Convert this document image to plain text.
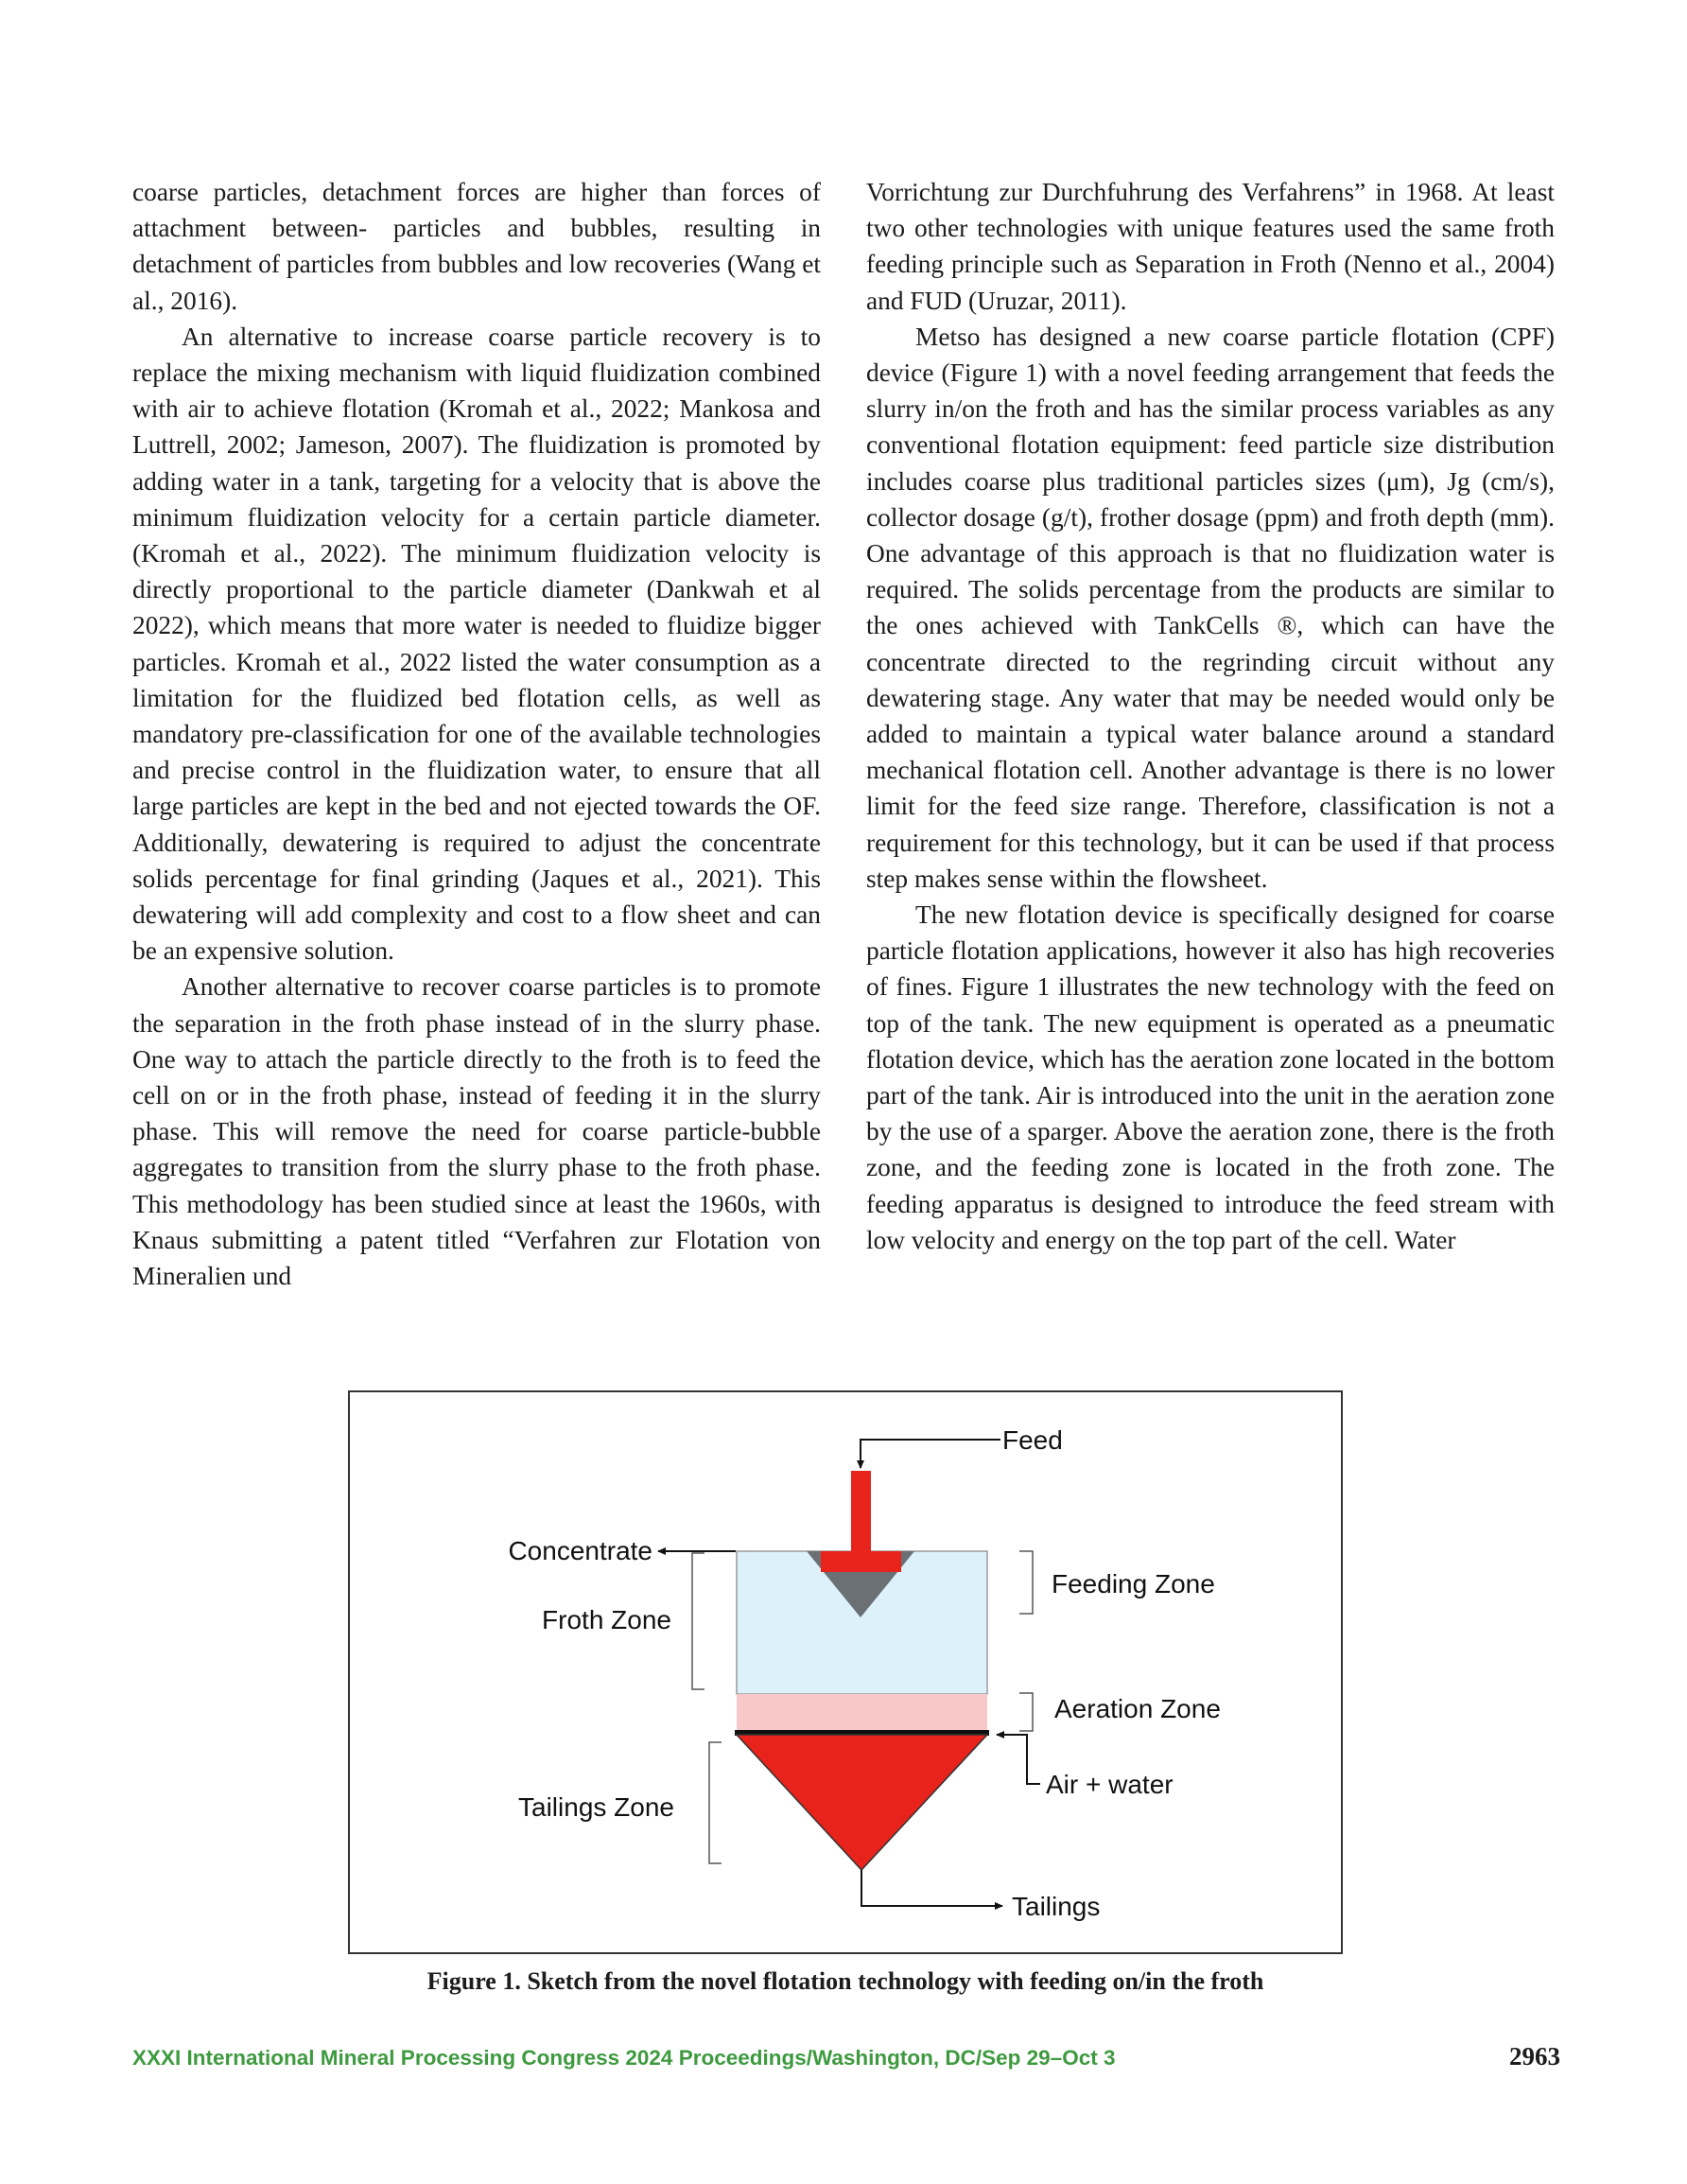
coarse particles, detachment forces are higher than forces of attachment between- particles and bubbles, resulting in detachment of particles from bubbles and low recoveries (Wang et al., 2016).

An alternative to increase coarse particle recovery is to replace the mixing mechanism with liquid fluidization combined with air to achieve flotation (Kromah et al., 2022; Mankosa and Luttrell, 2002; Jameson, 2007). The fluidization is promoted by adding water in a tank, targeting for a velocity that is above the minimum fluidization velocity for a certain particle diameter. (Kromah et al., 2022). The minimum fluidization velocity is directly proportional to the particle diameter (Dankwah et al 2022), which means that more water is needed to fluidize bigger particles. Kromah et al., 2022 listed the water consumption as a limitation for the fluidized bed flotation cells, as well as mandatory pre-classification for one of the available technologies and precise control in the fluidization water, to ensure that all large particles are kept in the bed and not ejected towards the OF. Additionally, dewatering is required to adjust the concentrate solids percentage for final grinding (Jaques et al., 2021). This dewatering will add complexity and cost to a flow sheet and can be an expensive solution.

Another alternative to recover coarse particles is to promote the separation in the froth phase instead of in the slurry phase. One way to attach the particle directly to the froth is to feed the cell on or in the froth phase, instead of feeding it in the slurry phase. This will remove the need for coarse particle-bubble aggregates to transition from the slurry phase to the froth phase. This methodology has been studied since at least the 1960s, with Knaus submitting a patent titled “Verfahren zur Flotation von Mineralien und

Vorrichtung zur Durchfuhrung des Verfahrens” in 1968. At least two other technologies with unique features used the same froth feeding principle such as Separation in Froth (Nenno et al., 2004) and FUD (Uruzar, 2011).

Metso has designed a new coarse particle flotation (CPF) device (Figure 1) with a novel feeding arrangement that feeds the slurry in/on the froth and has the similar process variables as any conventional flotation equipment: feed particle size distribution includes coarse plus traditional particles sizes (μm), Jg (cm/s), collector dosage (g/t), frother dosage (ppm) and froth depth (mm). One advantage of this approach is that no fluidization water is required. The solids percentage from the products are similar to the ones achieved with TankCells ®, which can have the concentrate directed to the regrinding circuit without any dewatering stage. Any water that may be needed would only be added to maintain a typical water balance around a standard mechanical flotation cell. Another advantage is there is no lower limit for the feed size range. Therefore, classification is not a requirement for this technology, but it can be used if that process step makes sense within the flowsheet.

The new flotation device is specifically designed for coarse particle flotation applications, however it also has high recoveries of fines. Figure 1 illustrates the new technology with the feed on top of the tank. The new equipment is operated as a pneumatic flotation device, which has the aeration zone located in the bottom part of the tank. Air is introduced into the unit in the aeration zone by the use of a sparger. Above the aeration zone, there is the froth zone, and the feeding zone is located in the froth zone. The feeding apparatus is designed to introduce the feed stream with low velocity and energy on the top part of the cell. Water

Feed
Concentrate
Froth Zone
Feeding Zone
Aeration Zone
Air + water
Tailings Zone
Tailings
Figure 1. Sketch from the novel flotation technology with feeding on/in the froth
XXXI International Mineral Processing Congress 2024 Proceedings/Washington, DC/Sep 29–Oct 3	2963
